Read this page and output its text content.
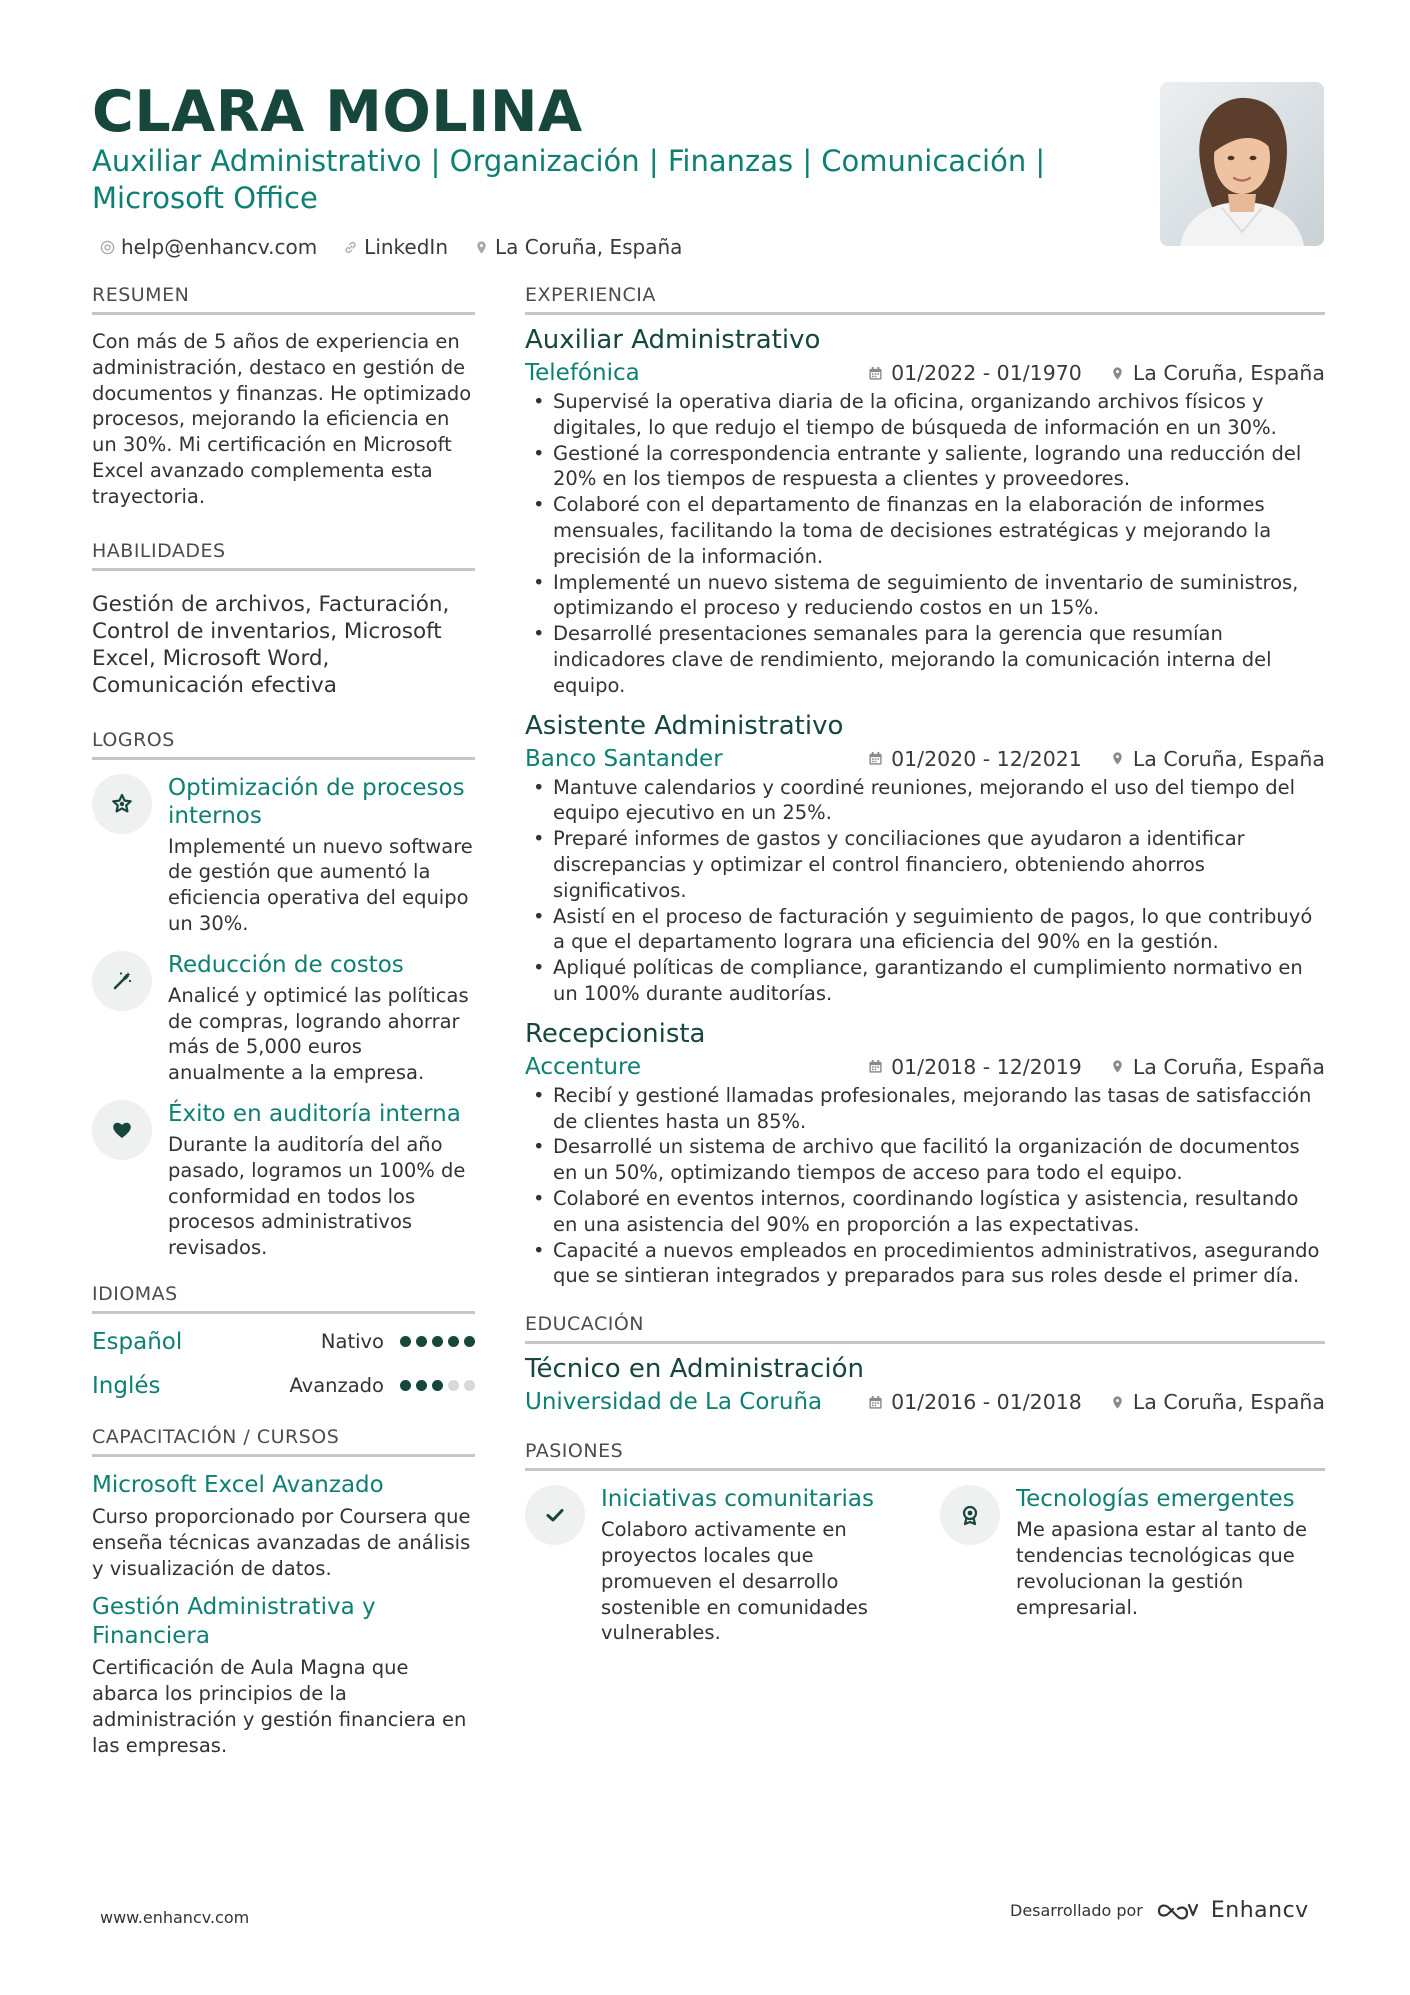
CLARA MOLINA
Auxiliar Administrativo | Organización | Finanzas | Comunicación | Microsoft Office
help@enhancv.com LinkedIn La Coruña, España
RESUMEN

Con más de 5 años de experiencia en administración, destaco en gestión de documentos y finanzas. He optimizado procesos, mejorando la eficiencia en un 30%. Mi certificación en Microsoft Excel avanzado complementa esta trayectoria.

HABILIDADES

Gestión de archivos, Facturación, Control de inventarios, Microsoft Excel, Microsoft Word, Comunicación efectiva

LOGROS
Optimización de procesos internos
Implementé un nuevo software de gestión que aumentó la eficiencia operativa del equipo un 30%.
Reducción de costos
Analicé y optimicé las políticas de compras, logrando ahorrar más de 5,000 euros anualmente a la empresa.
Éxito en auditoría interna
Durante la auditoría del año pasado, logramos un 100% de conformidad en todos los procesos administrativos revisados.
IDIOMAS
Español	Nativo
Inglés	Avanzado
CAPACITACIÓN / CURSOS
Microsoft Excel Avanzado
Curso proporcionado por Coursera que enseña técnicas avanzadas de análisis y visualización de datos.
Gestión Administrativa y Financiera
Certificación de Aula Magna que abarca los principios de la administración y gestión financiera en las empresas.
EXPERIENCIA
Auxiliar Administrativo
Telefónica	01/2022 - 01/1970 La Coruña, España
• Supervisé la operativa diaria de la oficina, organizando archivos físicos y digitales, lo que redujo el tiempo de búsqueda de información en un 30%.
• Gestioné la correspondencia entrante y saliente, logrando una reducción del 20% en los tiempos de respuesta a clientes y proveedores.
• Colaboré con el departamento de finanzas en la elaboración de informes mensuales, facilitando la toma de decisiones estratégicas y mejorando la precisión de la información.
• Implementé un nuevo sistema de seguimiento de inventario de suministros, optimizando el proceso y reduciendo costos en un 15%.
• Desarrollé presentaciones semanales para la gerencia que resumían indicadores clave de rendimiento, mejorando la comunicación interna del equipo.
Asistente Administrativo
Banco Santander	01/2020 - 12/2021 La Coruña, España
• Mantuve calendarios y coordiné reuniones, mejorando el uso del tiempo del equipo ejecutivo en un 25%.
• Preparé informes de gastos y conciliaciones que ayudaron a identificar discrepancias y optimizar el control financiero, obteniendo ahorros significativos.
• Asistí en el proceso de facturación y seguimiento de pagos, lo que contribuyó a que el departamento lograra una eficiencia del 90% en la gestión.
• Apliqué políticas de compliance, garantizando el cumplimiento normativo en un 100% durante auditorías.
Recepcionista
Accenture	01/2018 - 12/2019 La Coruña, España
• Recibí y gestioné llamadas profesionales, mejorando las tasas de satisfacción de clientes hasta un 85%.
• Desarrollé un sistema de archivo que facilitó la organización de documentos en un 50%, optimizando tiempos de acceso para todo el equipo.
• Colaboré en eventos internos, coordinando logística y asistencia, resultando en una asistencia del 90% en proporción a las expectativas.
• Capacité a nuevos empleados en procedimientos administrativos, asegurando que se sintieran integrados y preparados para sus roles desde el primer día.
EDUCACIÓN
Técnico en Administración
Universidad de La Coruña	01/2016 - 01/2018 La Coruña, España
PASIONES
Iniciativas comunitarias
Colaboro activamente en proyectos locales que promueven el desarrollo sostenible en comunidades vulnerables.
Tecnologías emergentes
Me apasiona estar al tanto de tendencias tecnológicas que revolucionan la gestión empresarial.
www.enhancv.com	Desarrollado por	Enhancv
